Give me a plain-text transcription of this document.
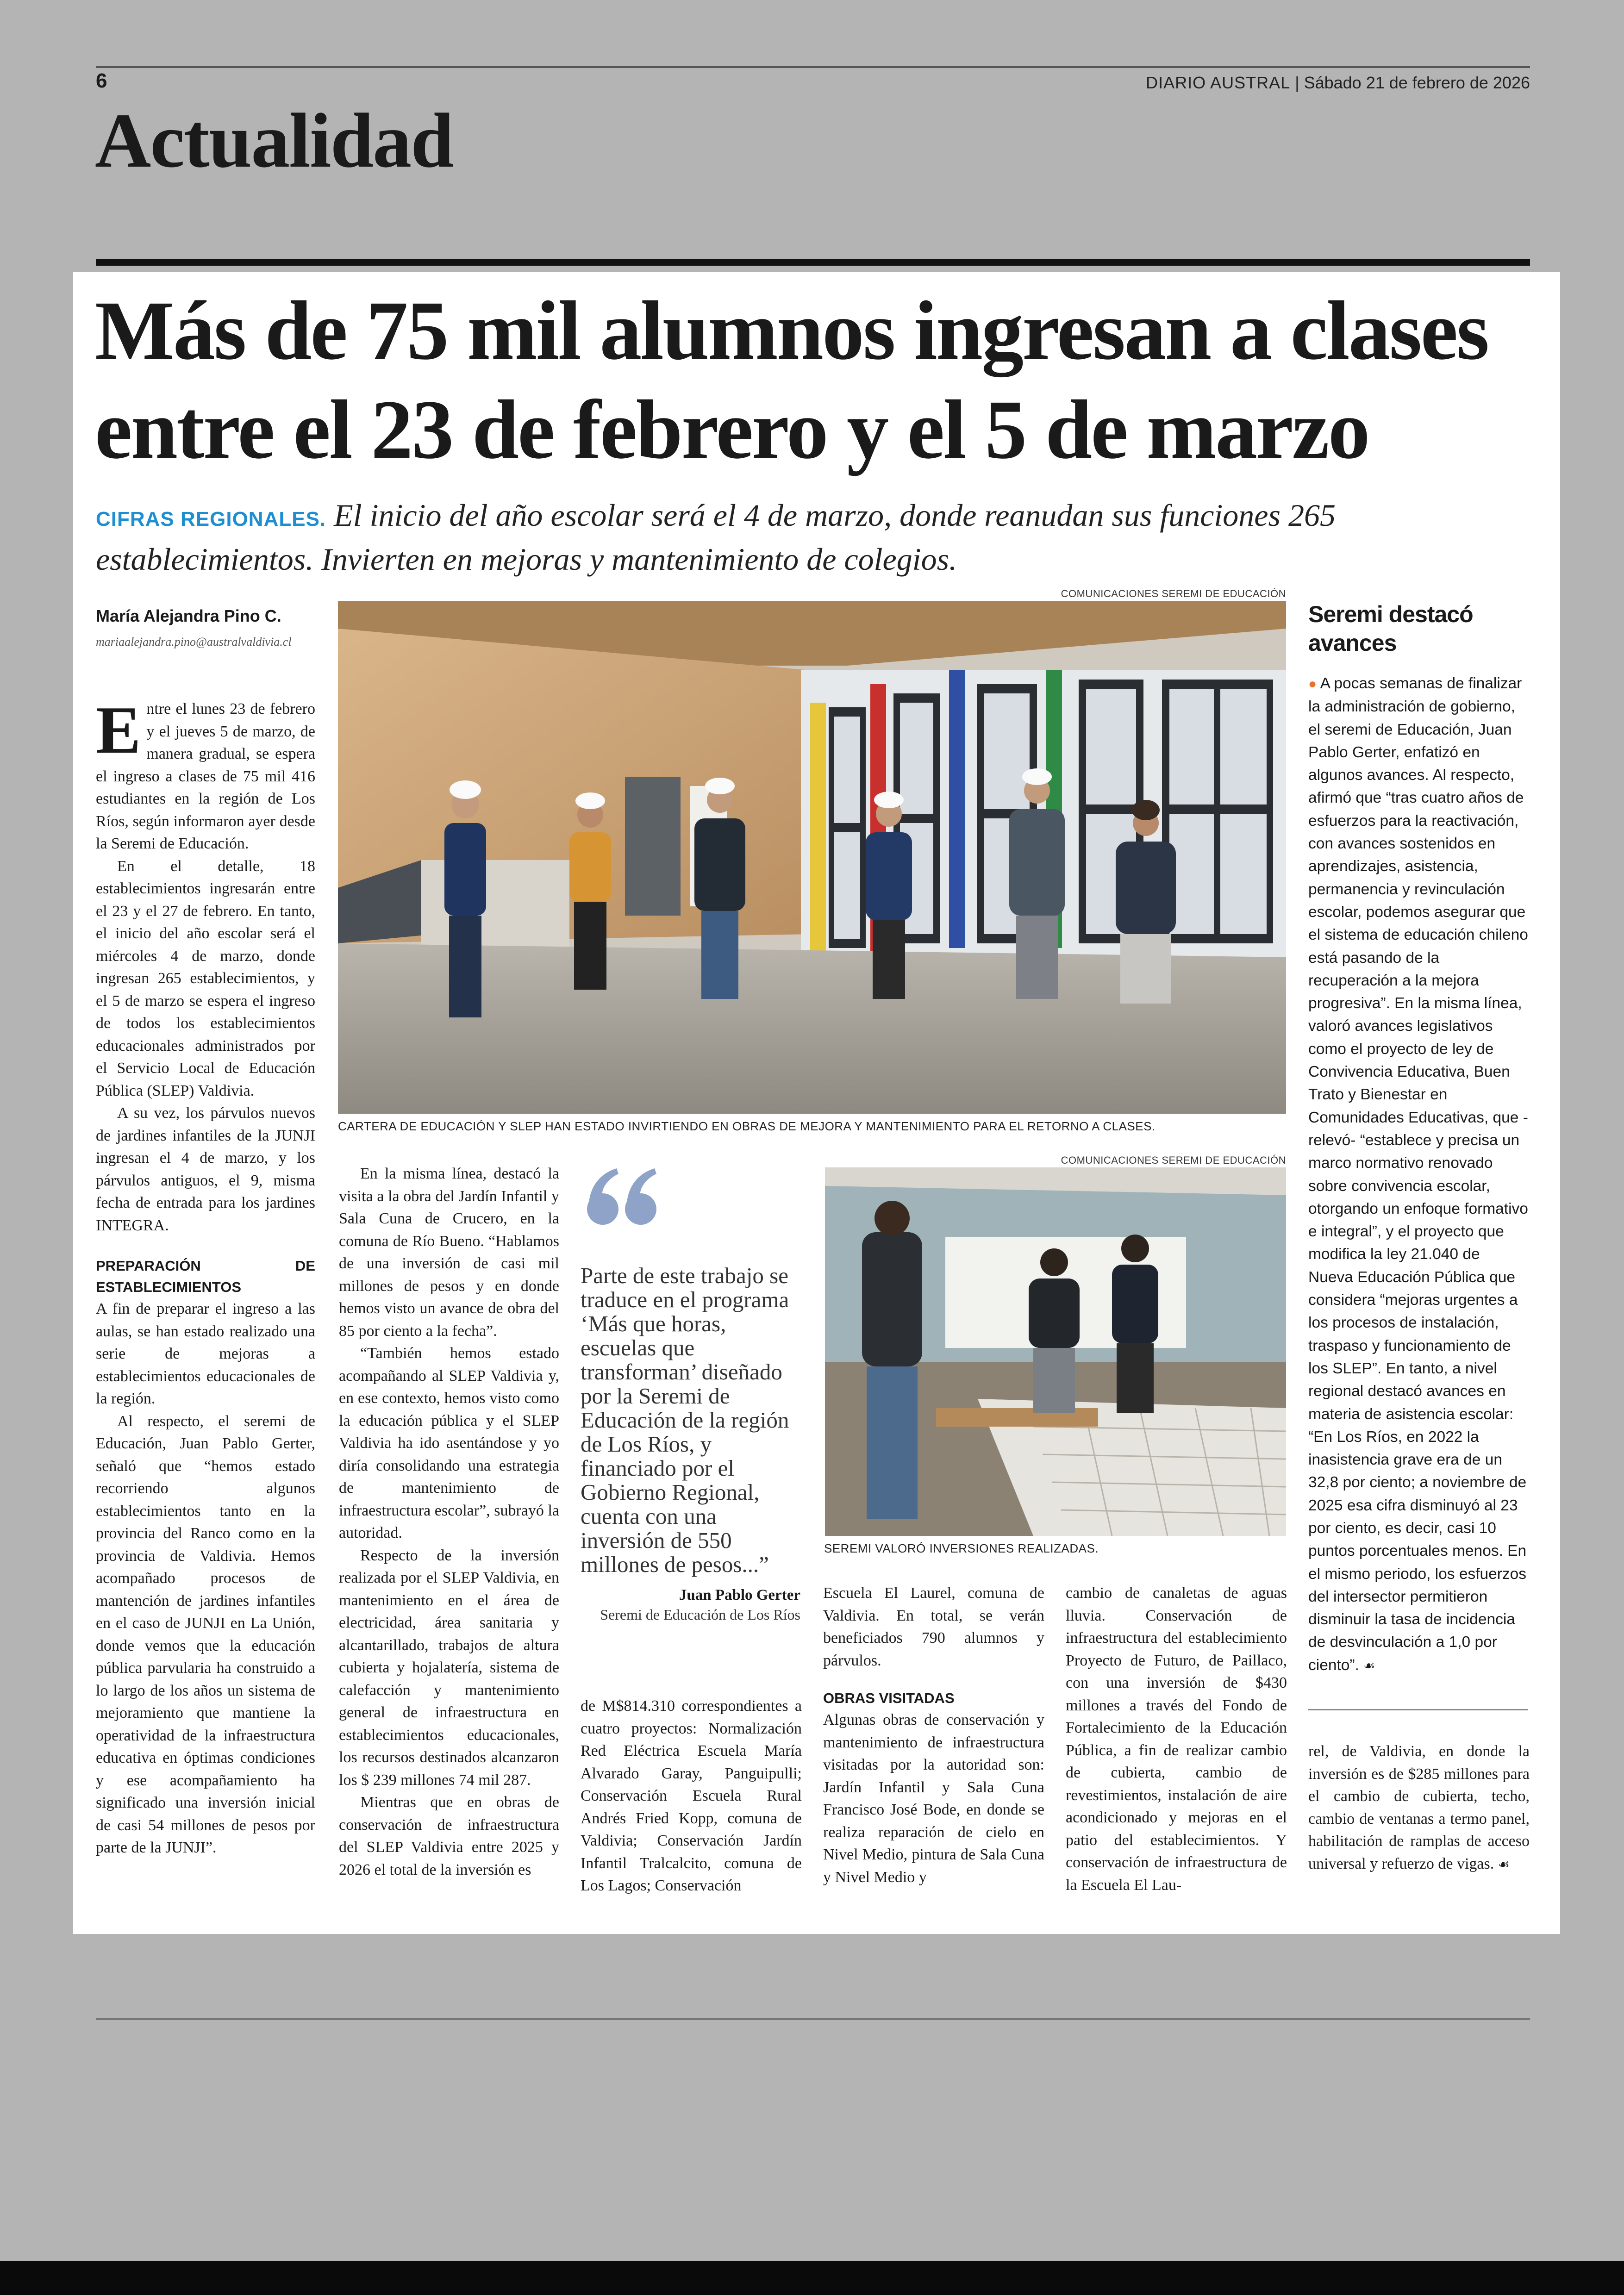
6	DIARIO AUSTRAL | Sábado 21 de febrero de 2026
Actualidad
Más de 75 mil alumnos ingresan a clases entre el 23 de febrero y el 5 de marzo
CIFRAS REGIONALES. El inicio del año escolar será el 4 de marzo, donde reanudan sus funciones 265 establecimientos. Invierten en mejoras y mantenimiento de colegios.
María Alejandra Pino C.
mariaalejandra.pino@australvaldivia.cl

Entre el lunes 23 de febrero y el jueves 5 de marzo, de manera gradual, se espera el ingreso a clases de 75 mil 416 estudiantes en la región de Los Ríos, según informaron ayer desde la Seremi de Educación.

En el detalle, 18 establecimientos ingresarán entre el 23 y el 27 de febrero. En tanto, el inicio del año escolar será el miércoles 4 de marzo, donde ingresan 265 establecimientos, y el 5 de marzo se espera el ingreso de todos los establecimientos educacionales administrados por el Servicio Local de Educación Pública (SLEP) Valdivia.

A su vez, los párvulos nuevos de jardines infantiles de la JUNJI ingresan el 4 de marzo, y los párvulos antiguos, el 9, misma fecha de entrada para los jardines INTEGRA.

PREPARACIÓN DE ESTABLECIMIENTOS

A fin de preparar el ingreso a las aulas, se han estado realizado una serie de mejoras a establecimientos educacionales de la región.

Al respecto, el seremi de Educación, Juan Pablo Gerter, señaló que “hemos estado recorriendo algunos establecimientos tanto en la provincia del Ranco como en la provincia de Valdivia. Hemos acompañado procesos de mantención de jardines infantiles en el caso de JUNJI en La Unión, donde vemos que la educación pública parvularia ha construido a lo largo de los años un sistema de mejoramiento que mantiene la operatividad de la infraestructura educativa en óptimas condiciones y ese acompañamiento ha significado una inversión inicial de casi 54 millones de pesos por parte de la JUNJI”.

En la misma línea, destacó la visita a la obra del Jardín Infantil y Sala Cuna de Crucero, en la comuna de Río Bueno. “Hablamos de una inversión de casi mil millones de pesos y en donde hemos visto un avance de obra del 85 por ciento a la fecha”.

“También hemos estado acompañando al SLEP Valdivia y, en ese contexto, hemos visto como la educación pública y el SLEP Valdivia ha ido asentándose y yo diría consolidando una estrategia de mantenimiento de infraestructura escolar”, subrayó la autoridad.

Respecto de la inversión realizada por el SLEP Valdivia, en mantenimiento en el área de electricidad, área sanitaria y alcantarillado, trabajos de altura cubierta y hojalatería, sistema de calefacción y mantenimiento general de infraestructura en establecimientos educacionales, los recursos destinados alcanzaron los $ 239 millones 74 mil 287.

Mientras que en obras de conservación de infraestructura del SLEP Valdivia entre 2025 y 2026 el total de la inversión es

Parte de este trabajo se traduce en el programa ‘Más que horas, escuelas que transforman’ diseñado por la Seremi de Educación de la región de Los Ríos, y financiado por el Gobierno Regional, cuenta con una inversión de 550 millones de pesos...”
Juan Pablo Gerter
Seremi de Educación de Los Ríos

de M$814.310 correspondientes a cuatro proyectos: Normalización Red Eléctrica Escuela María Alvarado Garay, Panguipulli; Conservación Escuela Rural Andrés Fried Kopp, comuna de Valdivia; Conservación Jardín Infantil Tralcalcito, comuna de Los Lagos; Conservación

Escuela El Laurel, comuna de Valdivia. En total, se verán beneficiados 790 alumnos y párvulos.

OBRAS VISITADAS

Algunas obras de conservación y mantenimiento de infraestructura visitadas por la autoridad son: Jardín Infantil y Sala Cuna Francisco José Bode, en donde se realiza reparación de cielo en Nivel Medio, pintura de Sala Cuna y Nivel Medio y

cambio de canaletas de aguas lluvia. Conservación de infraestructura del establecimiento Proyecto de Futuro, de Paillaco, con una inversión de $430 millones a través del Fondo de Fortalecimiento de la Educación Pública, a fin de realizar cambio de cubierta, cambio de revestimientos, instalación de aire acondicionado y mejoras en el patio del establecimientos. Y conservación de infraestructura de la Escuela El Lau-

rel, de Valdivia, en donde la inversión es de $285 millones para el cambio de cubierta, techo, cambio de ventanas a termo panel, habilitación de ramplas de acceso universal y refuerzo de vigas. ☙

COMUNICACIONES SEREMI DE EDUCACIÓN
CARTERA DE EDUCACIÓN Y SLEP HAN ESTADO INVIRTIENDO EN OBRAS DE MEJORA Y MANTENIMIENTO PARA EL RETORNO A CLASES.
COMUNICACIONES SEREMI DE EDUCACIÓN
SEREMI VALORÓ INVERSIONES REALIZADAS.
Seremi destacó avances
● A pocas semanas de finalizar la administración de gobierno, el seremi de Educación, Juan Pablo Gerter, enfatizó en algunos avances. Al respecto, afirmó que “tras cuatro años de esfuerzos para la reactivación, con avances sostenidos en aprendizajes, asistencia, permanencia y revinculación escolar, podemos asegurar que el sistema de educación chileno está pasando de la recuperación a la mejora progresiva”. En la misma línea, valoró avances legislativos como el proyecto de ley de Convivencia Educativa, Buen Trato y Bienestar en Comunidades Educativas, que -relevó- “establece y precisa un marco normativo renovado sobre convivencia escolar, otorgando un enfoque formativo e integral”, y el proyecto que modifica la ley 21.040 de Nueva Educación Pública que considera “mejoras urgentes a los procesos de instalación, traspaso y funcionamiento de los SLEP”. En tanto, a nivel regional destacó avances en materia de asistencia escolar: “En Los Ríos, en 2022 la inasistencia grave era de un 32,8 por ciento; a noviembre de 2025 esa cifra disminuyó al 23 por ciento, es decir, casi 10 puntos porcentuales menos. En el mismo periodo, los esfuerzos del intersector permitieron disminuir la tasa de incidencia de desvinculación a 1,0 por ciento”. ☙
